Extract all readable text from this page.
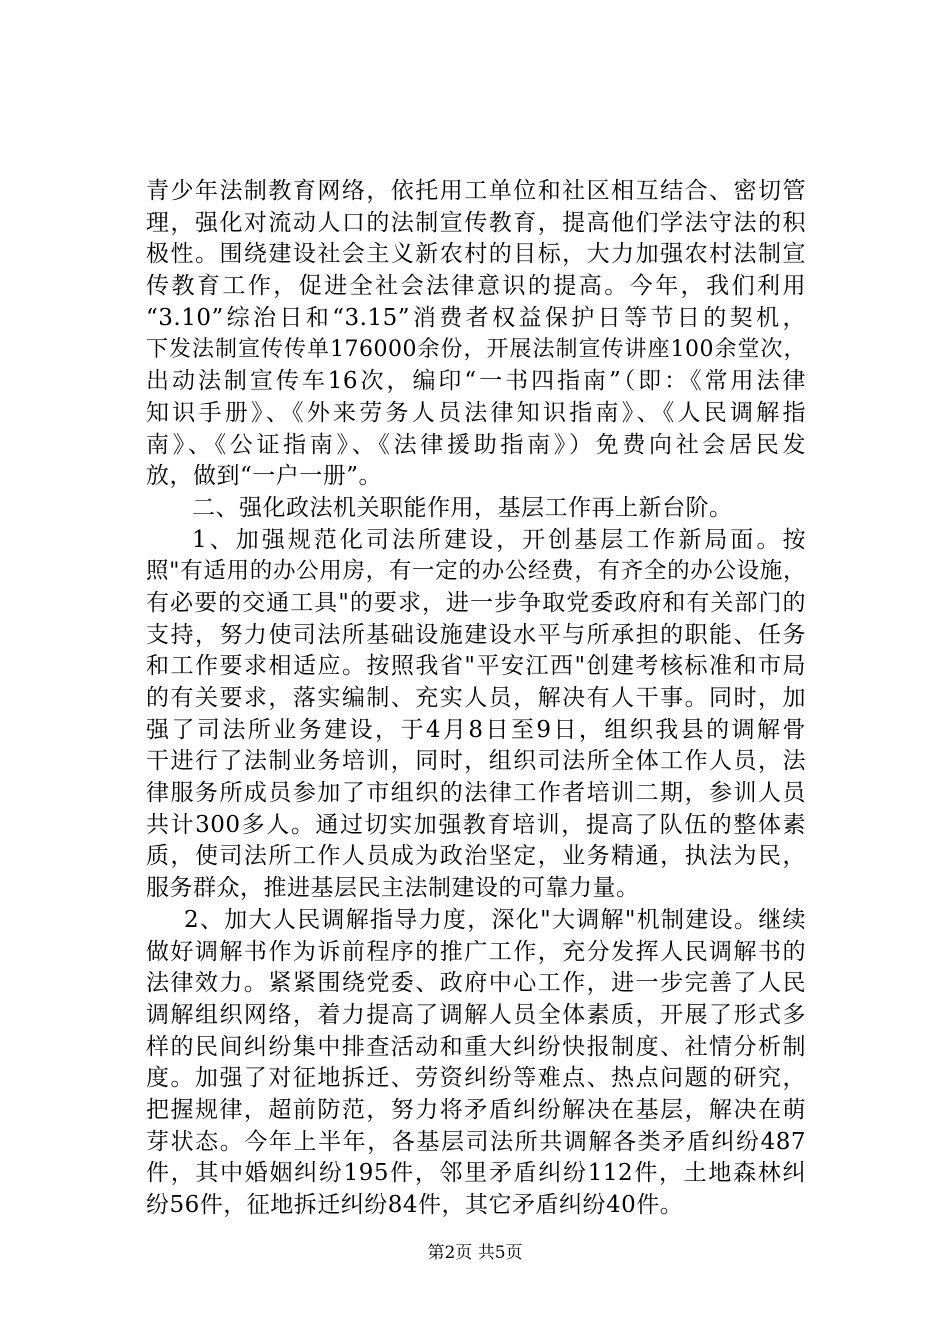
青少年法制教育网络，依托用工单位和社区相互结合、密切管
理，强化对流动人口的法制宣传教育，提高他们学法守法的积
极性。围绕建设社会主义新农村的目标，大力加强农村法制宣
传教育工作，促进全社会法律意识的提高。今年，我们利用
“3.10”综治日和“3.15”消费者权益保护日等节日的契机，
下发法制宣传传单176000余份，开展法制宣传讲座100余堂次，
出动法制宣传车16次，编印“一书四指南”（即：《常用法律
知识手册》、《外来劳务人员法律知识指南》、《人民调解指
南》、《公证指南》、《法律援助指南》）免费向社会居民发
放，做到“一户一册”。
二、强化政法机关职能作用，基层工作再上新台阶。
1、加强规范化司法所建设，开创基层工作新局面。按
照"有适用的办公用房，有一定的办公经费，有齐全的办公设施，
有必要的交通工具"的要求，进一步争取党委政府和有关部门的
支持，努力使司法所基础设施建设水平与所承担的职能、任务
和工作要求相适应。按照我省"平安江西"创建考核标准和市局
的有关要求，落实编制、充实人员，解决有人干事。同时，加
强了司法所业务建设，于4月8日至9日，组织我县的调解骨
干进行了法制业务培训，同时，组织司法所全体工作人员，法
律服务所成员参加了市组织的法律工作者培训二期，参训人员
共计300多人。通过切实加强教育培训，提高了队伍的整体素
质，使司法所工作人员成为政治坚定，业务精通，执法为民，
服务群众，推进基层民主法制建设的可靠力量。
2、加大人民调解指导力度，深化"大调解"机制建设。继续
做好调解书作为诉前程序的推广工作，充分发挥人民调解书的
法律效力。紧紧围绕党委、政府中心工作，进一步完善了人民
调解组织网络，着力提高了调解人员全体素质，开展了形式多
样的民间纠纷集中排查活动和重大纠纷快报制度、社情分析制
度。加强了对征地拆迁、劳资纠纷等难点、热点问题的研究，
把握规律，超前防范，努力将矛盾纠纷解决在基层，解决在萌
芽状态。今年上半年，各基层司法所共调解各类矛盾纠纷487
件，其中婚姻纠纷195件，邻里矛盾纠纷112件，土地森林纠
纷56件，征地拆迁纠纷84件，其它矛盾纠纷40件。
第2页 共5页
